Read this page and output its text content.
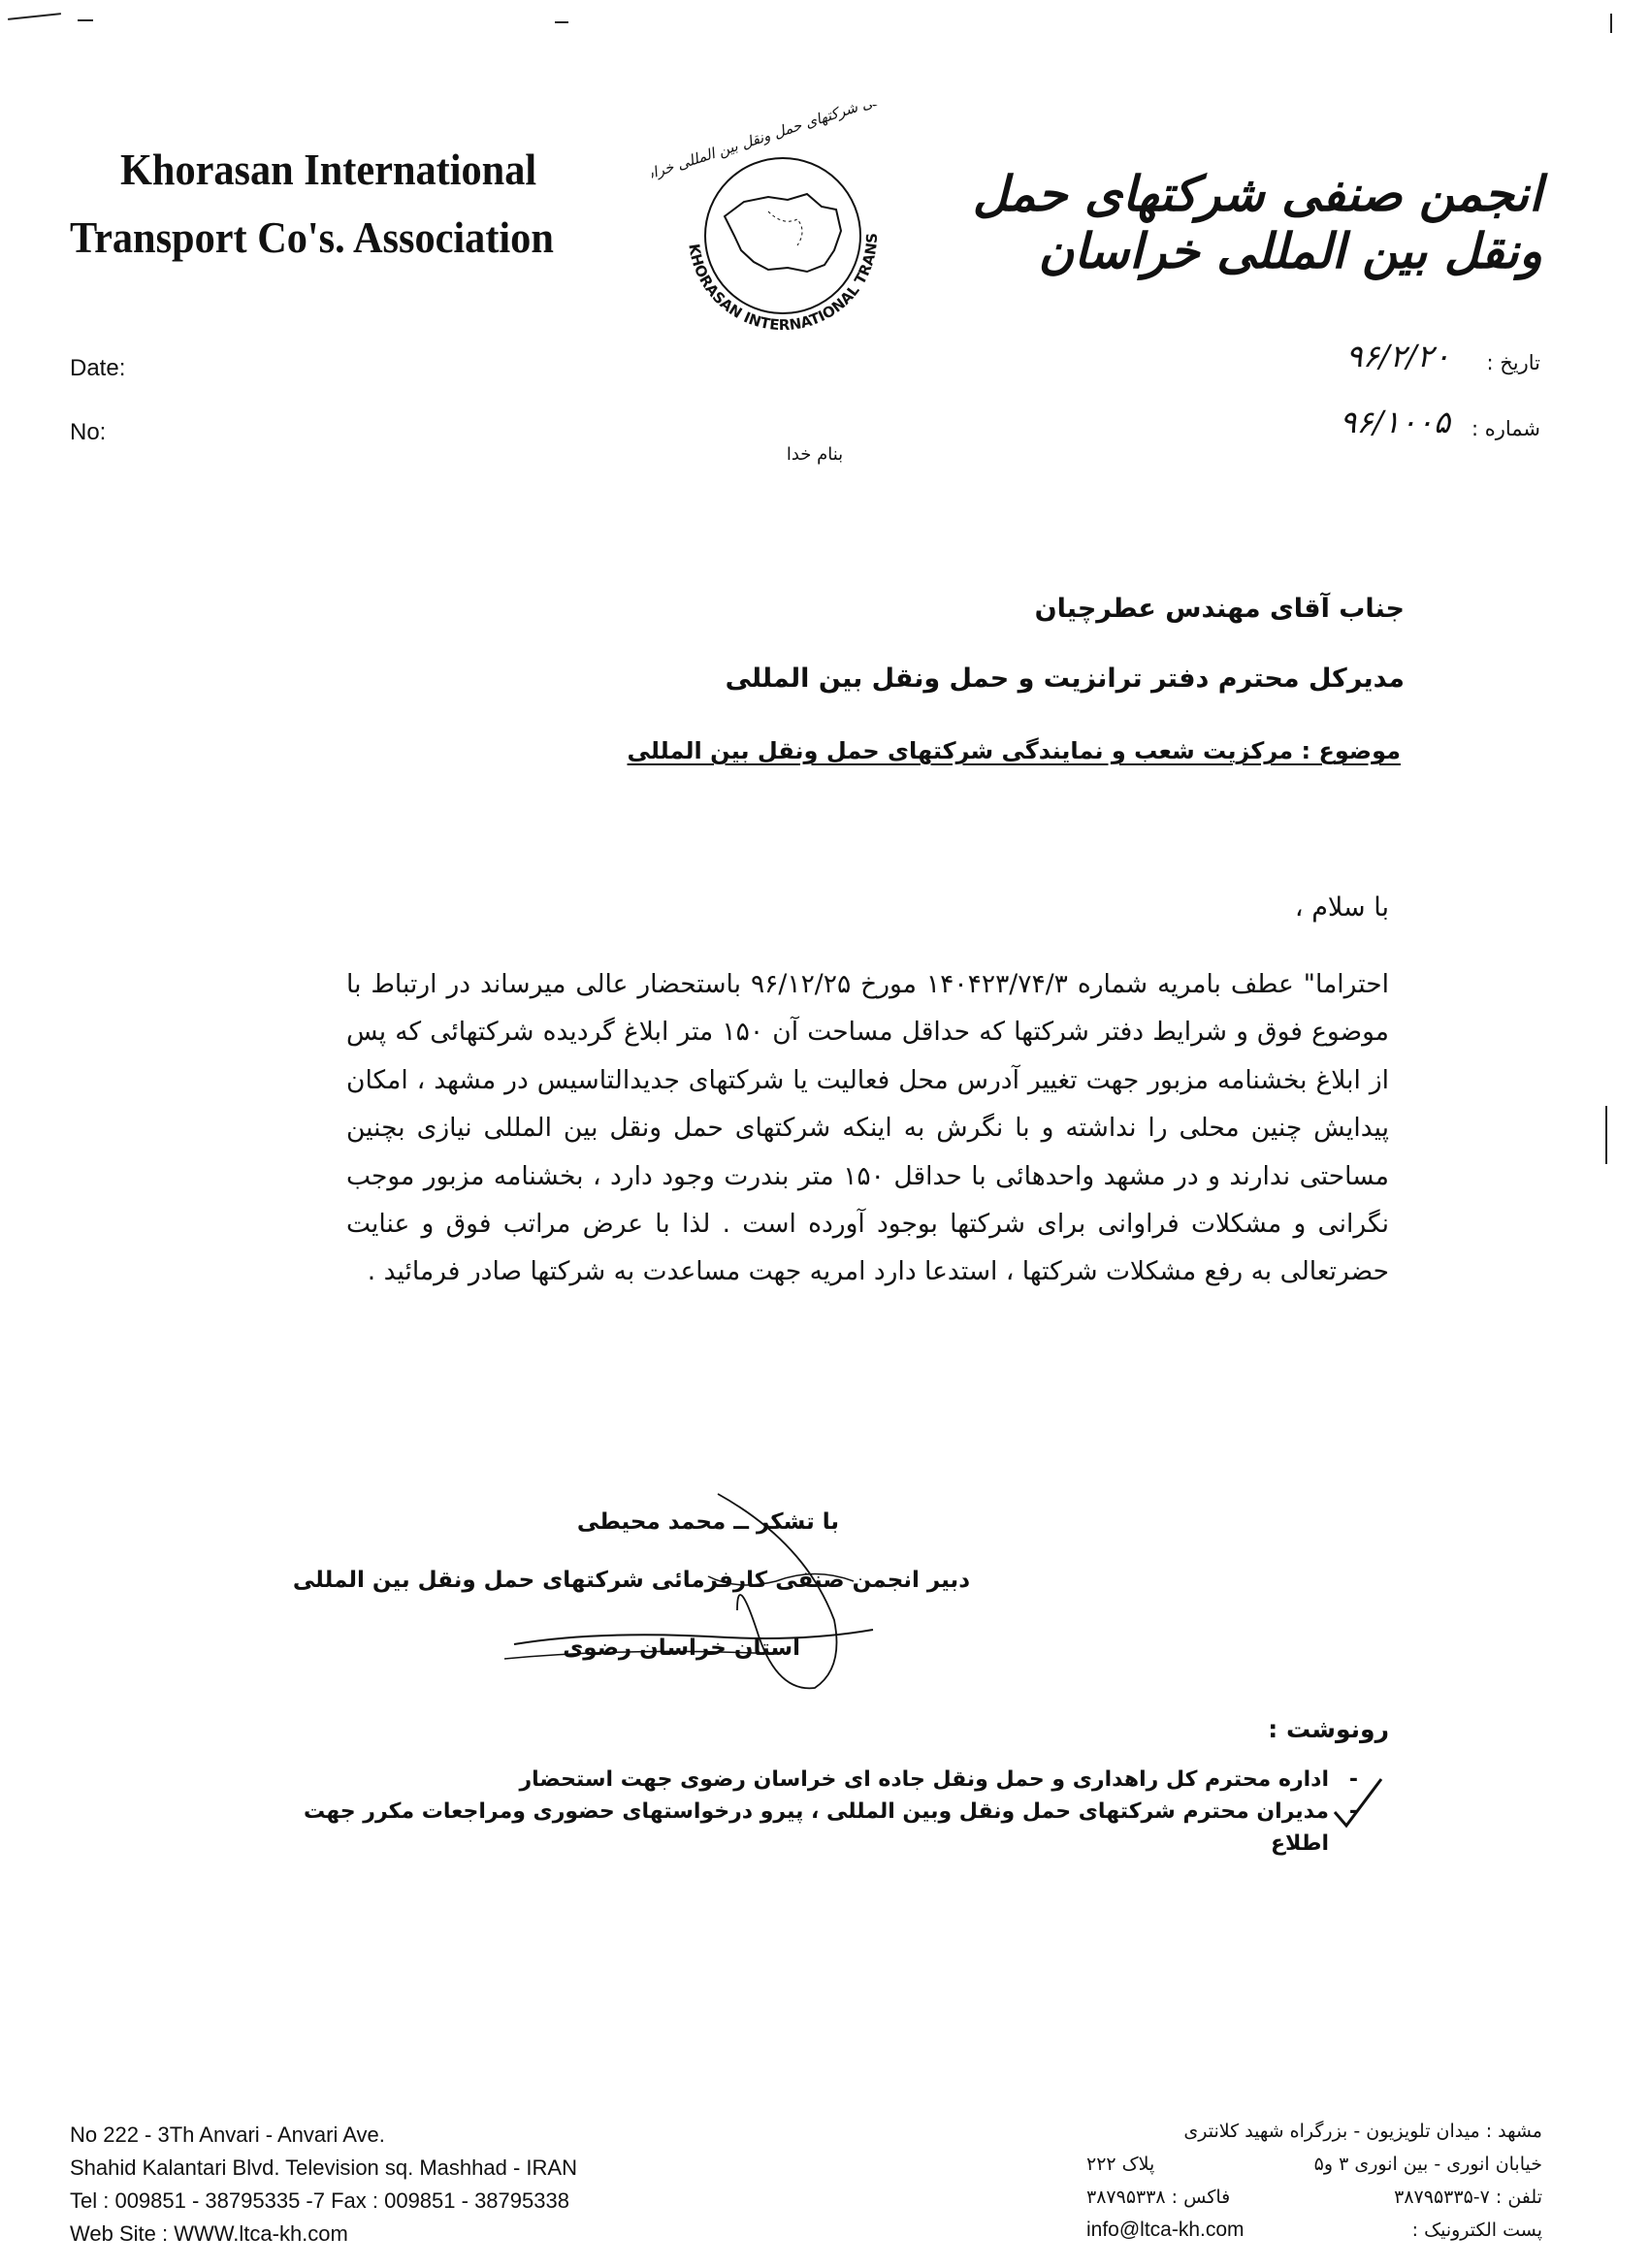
Khorasan International
Transport Co's. Association	KHORASAN INTERNATIONAL TRANS
شرکتهای حمل ونقل بین المللی خراسان	انجمن صنفی شرکتهای حمل ونقل بین المللی خراسان
Date:
No:
تاریخ :
۹۶/۲/۲۰
شماره :
۹۶/۱۰۰۵
بنام خدا
جناب آقای مهندس عطرچیان
مدیرکل محترم دفتر ترانزیت و حمل ونقل بین المللی
موضوع : مرکزیت شعب و نمایندگی شرکتهای حمل ونقل بین المللی
با سلام ،
احتراما" عطف بامریه شماره ۱۴۰۴۲۳/۷۴/۳ مورخ ۹۶/۱۲/۲۵ باستحضار عالی میرساند در ارتباط با موضوع فوق و شرایط دفتر شرکتها که حداقل مساحت آن ۱۵۰ متر ابلاغ گردیده شرکتهائی که پس از ابلاغ بخشنامه مزبور جهت تغییر آدرس محل فعالیت یا شرکتهای جدیدالتاسیس در مشهد ، امکان پیدایش چنین محلی را نداشته و با نگرش به اینکه شرکتهای حمل ونقل بین المللی نیازی بچنین مساحتی ندارند و در مشهد واحدهائی با حداقل ۱۵۰ متر بندرت وجود دارد ، بخشنامه مزبور موجب نگرانی و مشکلات فراوانی برای شرکتها بوجود آورده است . لذا با عرض مراتب فوق و عنایت حضرتعالی به رفع مشکلات شرکتها ، استدعا دارد امریه جهت مساعدت به شرکتها صادر فرمائید .
با تشکر ــ محمد محیطی
دبیر انجمن صنفی کارفرمائی شرکتهای حمل ونقل بین المللی
استان خراسان رضوی
رونوشت :
-
اداره محترم کل راهداری و حمل ونقل جاده ای خراسان رضوی جهت استحضار
-
مدیران محترم شرکتهای حمل ونقل وبین المللی ، پیرو درخواستهای حضوری ومراجعات مکرر جهت اطلاع
No 222 - 3Th Anvari - Anvari Ave.
Shahid Kalantari Blvd. Television sq. Mashhad - IRAN
Tel : 009851 - 38795335 -7 Fax : 009851 - 38795338
Web Site : WWW.ltca-kh.com
مشهد : میدان تلویزیون - بزرگراه شهید کلانتری
خیابان انوری - بین انوری ۳ و۵
پلاک ۲۲۲
تلفن : ۷-۳۸۷۹۵۳۳۵
فاکس : ۳۸۷۹۵۳۳۸
پست الکترونیک :
info@ltca-kh.com
